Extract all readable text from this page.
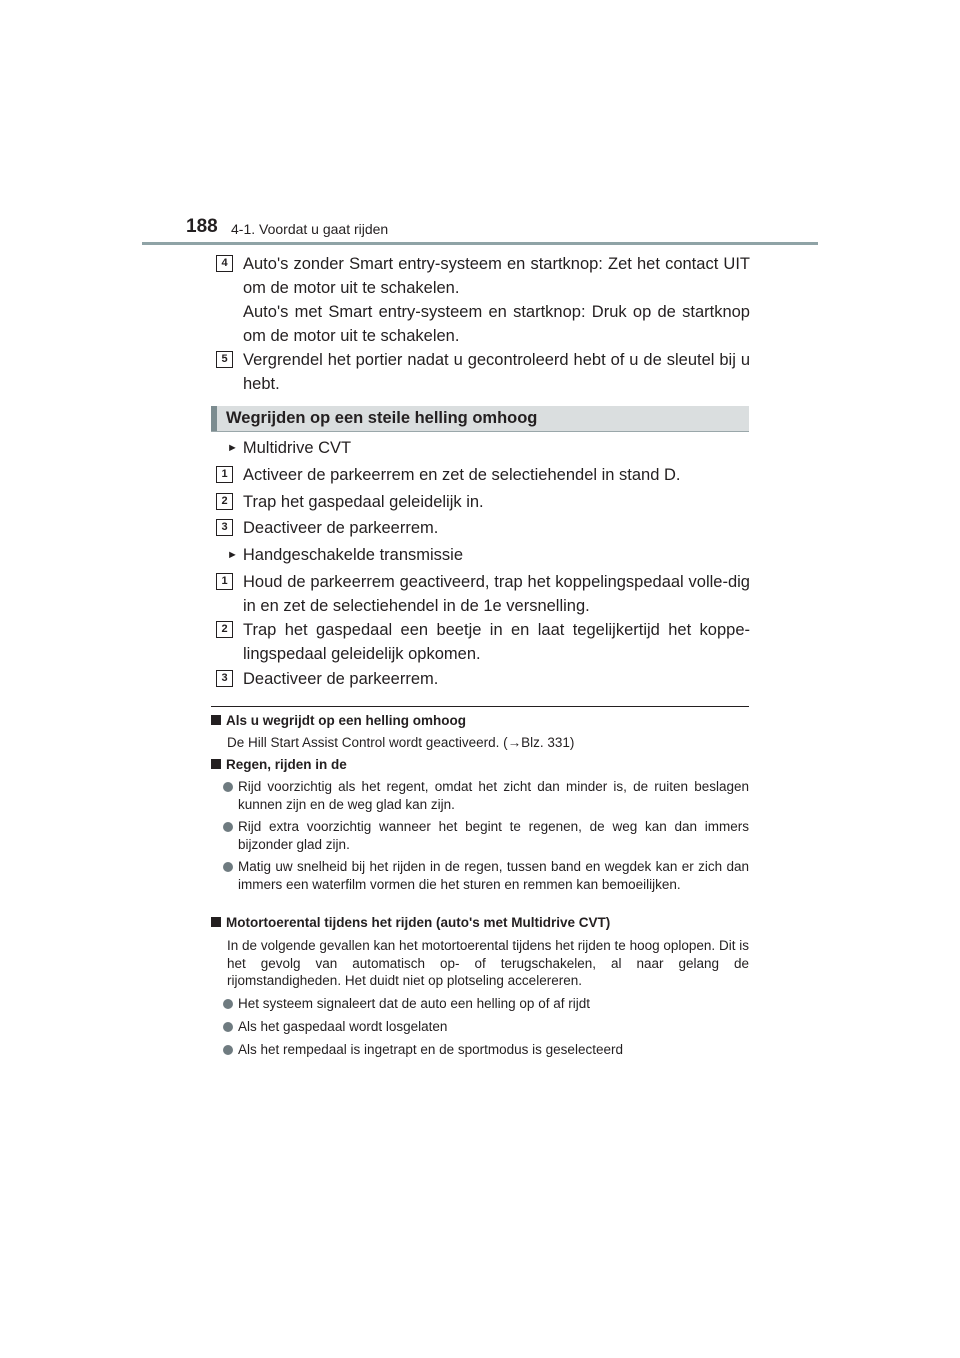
188 4-1. Voordat u gaat rijden
4 Auto's zonder Smart entry-systeem en startknop: Zet het contact UIT om de motor uit te schakelen.
Auto's met Smart entry-systeem en startknop: Druk op de startknop om de motor uit te schakelen.
5 Vergrendel het portier nadat u gecontroleerd hebt of u de sleutel bij u hebt.
Wegrijden op een steile helling omhoog
► Multidrive CVT
1 Activeer de parkeerrem en zet de selectiehendel in stand D.
2 Trap het gaspedaal geleidelijk in.
3 Deactiveer de parkeerrem.
► Handgeschakelde transmissie
1 Houd de parkeerrem geactiveerd, trap het koppelingspedaal volle-dig in en zet de selectiehendel in de 1e versnelling.
2 Trap het gaspedaal een beetje in en laat tegelijkertijd het koppe-lingspedaal geleidelijk opkomen.
3 Deactiveer de parkeerrem.
Als u wegrijdt op een helling omhoog
De Hill Start Assist Control wordt geactiveerd. (→Blz. 331)
Regen, rijden in de
Rijd voorzichtig als het regent, omdat het zicht dan minder is, de ruiten beslagen kunnen zijn en de weg glad kan zijn.
Rijd extra voorzichtig wanneer het begint te regenen, de weg kan dan immers bijzonder glad zijn.
Matig uw snelheid bij het rijden in de regen, tussen band en wegdek kan er zich dan immers een waterfilm vormen die het sturen en remmen kan bemoeilijken.
Motortoerental tijdens het rijden (auto's met Multidrive CVT)
In de volgende gevallen kan het motortoerental tijdens het rijden te hoog oplopen. Dit is het gevolg van automatisch op- of terugschakelen, al naar gelang de rijomstandigheden. Het duidt niet op plotseling accelereren.
Het systeem signaleert dat de auto een helling op of af rijdt
Als het gaspedaal wordt losgelaten
Als het rempedaal is ingetrapt en de sportmodus is geselecteerd
